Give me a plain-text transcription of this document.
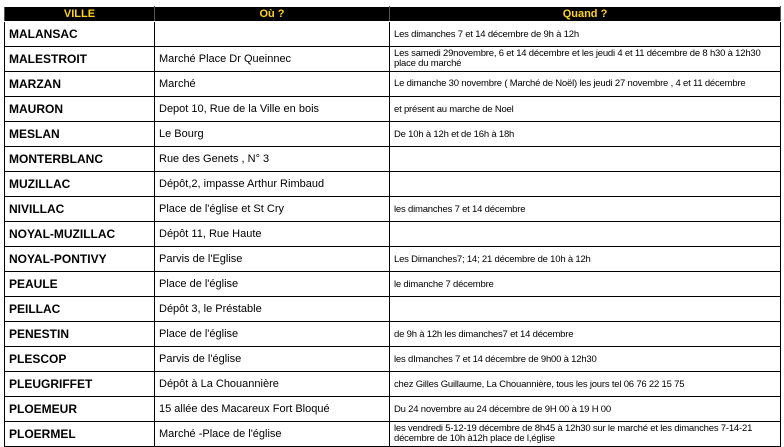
VILLE	Où ?	Quand ?
MALANSAC		Les dimanches 7 et 14 décembre de 9h à 12h
MALESTROIT	Marché Place Dr Queinnec	Les samedi 29novembre, 6 et 14 décembre et les jeudi 4 et 11 décembre de 8 h30 à 12h30 place du marché

MARZAN	Marché	Le dimanche 30 novembre ( Marché de Noël) les jeudi 27 novembre , 4 et 11 décembre

MAURON	Depot 10, Rue de la Ville en bois	et présent au marche de Noel
MESLAN	Le Bourg	De 10h à 12h et de 16h à 18h
MONTERBLANC	Rue des Genets , N° 3	
MUZILLAC	Dépôt,2, impasse Arthur Rimbaud	
NIVILLAC	Place de l'église et St Cry	les dimanches 7 et 14 décembre
NOYAL-MUZILLAC	Dépôt 11, Rue Haute	
NOYAL-PONTIVY	Parvis de l'Eglise	Les Dimanches7; 14; 21 décembre de 10h à 12h
PEAULE	Place de l'église	le dimanche 7 décembre
PEILLAC	Dépôt 3, le Préstable	
PENESTIN	Place de l'église	de 9h à 12h les dimanches7 et 14 décembre
PLESCOP	Parvis de l'église	les dImanches 7 et 14 décembre de 9h00 à 12h30
PLEUGRIFFET	Dépôt à La Chouannière	chez Gilles Guillaume, La Chouannière, tous les jours tel 06 76 22 15 75
PLOEMEUR	15 allée des Macareux Fort Bloqué	Du 24 novembre au 24 décembre de 9H 00 à 19 H 00
PLOERMEL	Marché -Place de l'église	les vendredi 5-12-19 décembre de 8h45 à 12h30 sur le marché et les dimanches 7-14-21 décembre de 10h à12h place de l,église
